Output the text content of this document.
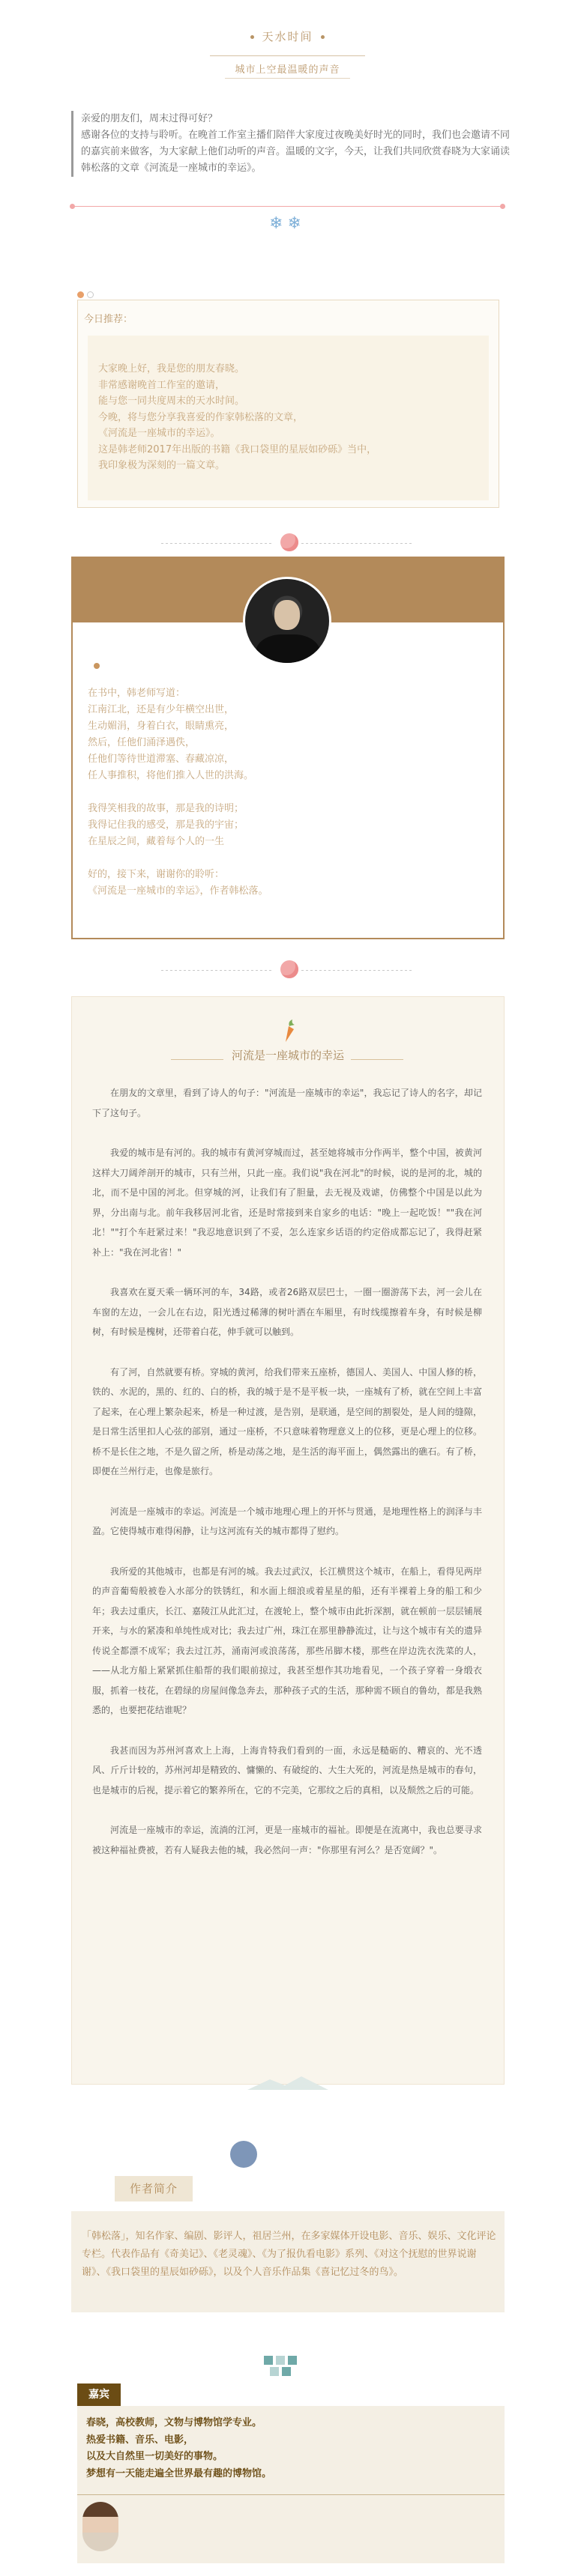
天水时间
城市上空最温暖的声音
亲爱的朋友们，周末过得可好？
感谢各位的支持与聆听。在晚首工作室主播们陪伴大家度过夜晚美好时光的同时，我们也会邀请不同的嘉宾前来做客，为大家献上他们动听的声音。温暖的文字，今天，让我们共同欣赏春晓为大家诵读韩松落的文章《河流是一座城市的幸运》。
❄❄
今日推荐：
大家晚上好，我是您的朋友春晓。
非常感谢晚首工作室的邀请，
能与您一同共度周末的天水时间。
今晚，将与您分享我喜爱的作家韩松落的文章，
《河流是一座城市的幸运》。
这是韩老师2017年出版的书籍《我口袋里的星辰如砂砾》当中，
我印象极为深刻的一篇文章。

在书中，韩老师写道：

江南江北，还是有少年横空出世，

生动媚涓，身着白衣，眼睛熏亮，

然后，任他们涌泽遇佚，

任他们等待世道滞塞、春藏凉凉，

任人事推积，将他们推入人世的洪海。

我得笑相我的故事，那是我的诗明；

我得记住我的感受，那是我的宇宙；

在星辰之间，藏着每个人的一生

好的，接下来，谢谢你的聆听：

《河流是一座城市的幸运》，作者韩松落。

河流是一座城市的幸运

在朋友的文章里，看到了诗人的句子："河流是一座城市的幸运"，我忘记了诗人的名字，却记下了这句子。

我爱的城市是有河的。我的城市有黄河穿城而过，甚至她将城市分作两半，整个中国，被黄河这样大刀阔斧剖开的城市，只有兰州，只此一座。我们说"我在河北"的时候，说的是河的北，城的北，而不是中国的河北。但穿城的河，让我们有了胆量，去无视及戏谑，仿佛整个中国是以此为界，分出南与北。前年我移居河北省，还是时常接到来自家乡的电话："晚上一起吃饭！""我在河北！""打个车赶紧过来！"我忍地意识到了不妥，怎么连家乡话语的约定俗成都忘记了，我得赶紧补上："我在河北省！"

我喜欢在夏天乘一辆环河的车，34路，或者26路双层巴士，一圈一圈游荡下去，河一会儿在车窗的左边，一会儿在右边，阳光透过稀薄的树叶洒在车厢里，有时线缆擦着车身，有时候是柳树，有时候是槐树，还带着白花，伸手就可以触到。

有了河，自然就要有桥。穿城的黄河，给我们带来五座桥，德国人、美国人、中国人修的桥，铁的、水泥的，黑的、红的、白的桥，我的城于是不是平板一块，一座城有了桥，就在空间上丰富了起来，在心理上繁杂起来，桥是一种过渡，是告别，是联通，是空间的割裂处，是人间的缝隙，是日常生活里扣人心弦的部别，通过一座桥，不只意味着物理意义上的位移，更是心理上的位移。桥不是长住之地，不是久留之所，桥是动荡之地，是生活的海平面上，偶然露出的礁石。有了桥，即便在兰州行走，也像是旅行。

河流是一座城市的幸运。河流是一个城市地理心理上的开怀与贯通，是地理性格上的润泽与丰盈。它使得城市难得闲静，让与这河流有关的城市都得了慰约。

我所爱的其他城市，也都是有河的城。我去过武汉，长江横贯这个城市，在船上，看得见两岸的声音葡萄般被卷入水部分的铁锈红，和水面上细浪或着星星的船，还有半裸着上身的船工和少年；我去过重庆，长江、嘉陵江从此汇过，在渡轮上，整个城市由此折深割，就在顿前一层层铺展开来，与水的紧凑和单纯性成对比；我去过广州，珠江在那里静静流过，让与这个城市有关的遗异传说全都漂不成军；我去过江苏，涌南河或浪荡荡，那些吊脚木楼，那些在岸边洗衣洗菜的人，——从北方船上紧紧抓住船帮的我们眼前掠过，我甚至想作其功地看见，一个孩子穿着一身缎衣服，抓着一枝花，在碧绿的房屋间像急奔去，那种孩子式的生活，那种需不顾自的鲁幼，都是我熟悉的，也要把花结谁呢？

我甚而因为苏州河喜欢上上海，上海肯特我们看到的一面，永远是糙砺的、糟哀的、光不透风、斤斤计较的，苏州河却是精致的、慵懒的、有破绽的、大生大死的，河流是热是城市的春句，也是城市的后视，提示着它的繁养所在，它的不完美，它那纹之后的真相，以及颓然之后的可能。

河流是一座城市的幸运，流淌的江河，更是一座城市的福祉。即便是在流离中，我也总要寻求被这种福祉费被，若有人疑我去他的城，我必然问一声："你那里有河么？是否宽阔？"。

作者简介
「韩松落」，知名作家、编剧、影评人，祖居兰州，在多家媒体开设电影、音乐、娱乐、文化评论专栏。代表作品有《奇美记》、《老灵魂》、《为了报仇看电影》系列、《对这个抚慰的世界说谢谢》、《我口袋里的星辰如砂砾》，以及个人音乐作品集《喜记忆过冬的鸟》。
嘉宾
春晓，高校教师，文物与博物馆学专业。
热爱书籍、音乐、电影，
以及大自然里一切美好的事物。
梦想有一天能走遍全世界最有趣的博物馆。
